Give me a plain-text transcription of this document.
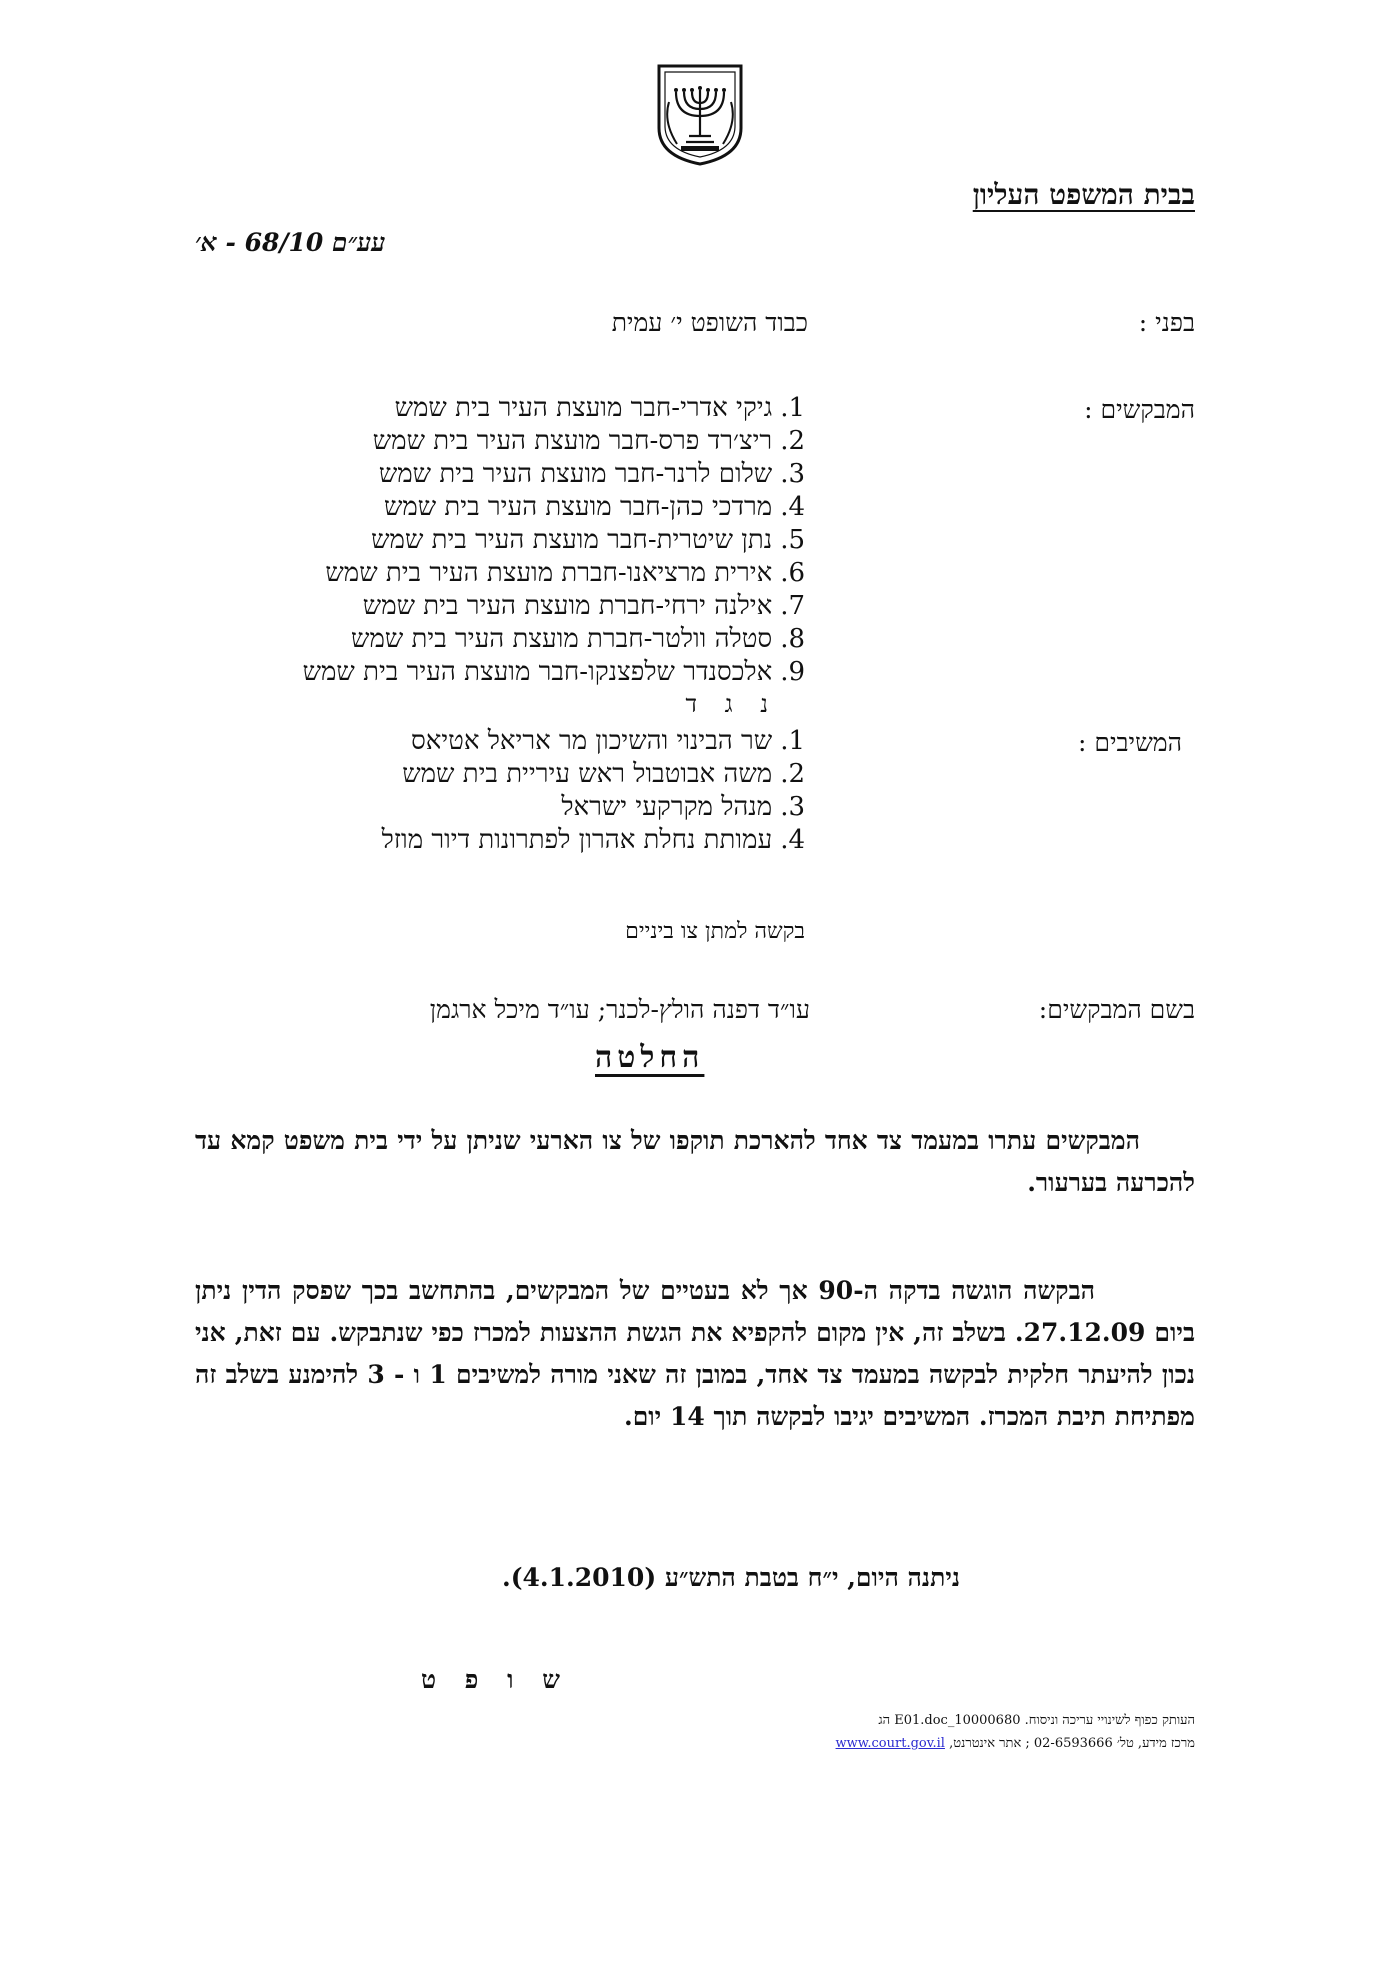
בבית המשפט העליון
עע״ם 68/10 - א׳
בפני :
כבוד השופט י׳ עמית
המבקשים :
1.גיקי אדרי-חבר מועצת העיר בית שמש
2.ריצ׳רד פרס-חבר מועצת העיר בית שמש
3.שלום לרנר-חבר מועצת העיר בית שמש
4.מרדכי כהן-חבר מועצת העיר בית שמש
5.נתן שיטרית-חבר מועצת העיר בית שמש
6.אירית מרציאנו-חברת מועצת העיר בית שמש
7.אילנה ירחי-חברת מועצת העיר בית שמש
8.סטלה וולטר-חברת מועצת העיר בית שמש
9.אלכסנדר שלפצנקו-חבר מועצת העיר בית שמש
נ ג ד
המשיבים :
1.שר הבינוי והשיכון מר אריאל אטיאס
2.משה אבוטבול ראש עיריית בית שמש
3.מנהל מקרקעי ישראל
4.עמותת נחלת אהרון לפתרונות דיור מוזל
בקשה למתן צו ביניים
בשם המבקשים:
עו״ד דפנה הולץ-לכנר; עו״ד מיכל ארגמן
החלטה
המבקשים עתרו במעמד צד אחד להארכת תוקפו של צו הארעי שניתן על ידי בית משפט קמא עד להכרעה בערעור.
הבקשה הוגשה בדקה ה-90 אך לא בעטיים של המבקשים, בהתחשב בכך שפסק הדין ניתן ביום 27.12.09. בשלב זה, אין מקום להקפיא את הגשת ההצעות למכרז כפי שנתבקש. עם זאת, אני נכון להיעתר חלקית לבקשה במעמד צד אחד, במובן זה שאני מורה למשיבים 1 ו - 3 להימנע בשלב זה מפתיחת תיבת המכרז. המשיבים יגיבו לבקשה תוך 14 יום.
ניתנה היום, י״ח בטבת התש״ע (4.1.2010).
ש ו פ ט
העותק כפוף לשינויי עריכה וניסוח. 10000680_E01.doc הג
מרכז מידע, טל׳ 02-6593666 ; אתר אינטרנט, www.court.gov.il
